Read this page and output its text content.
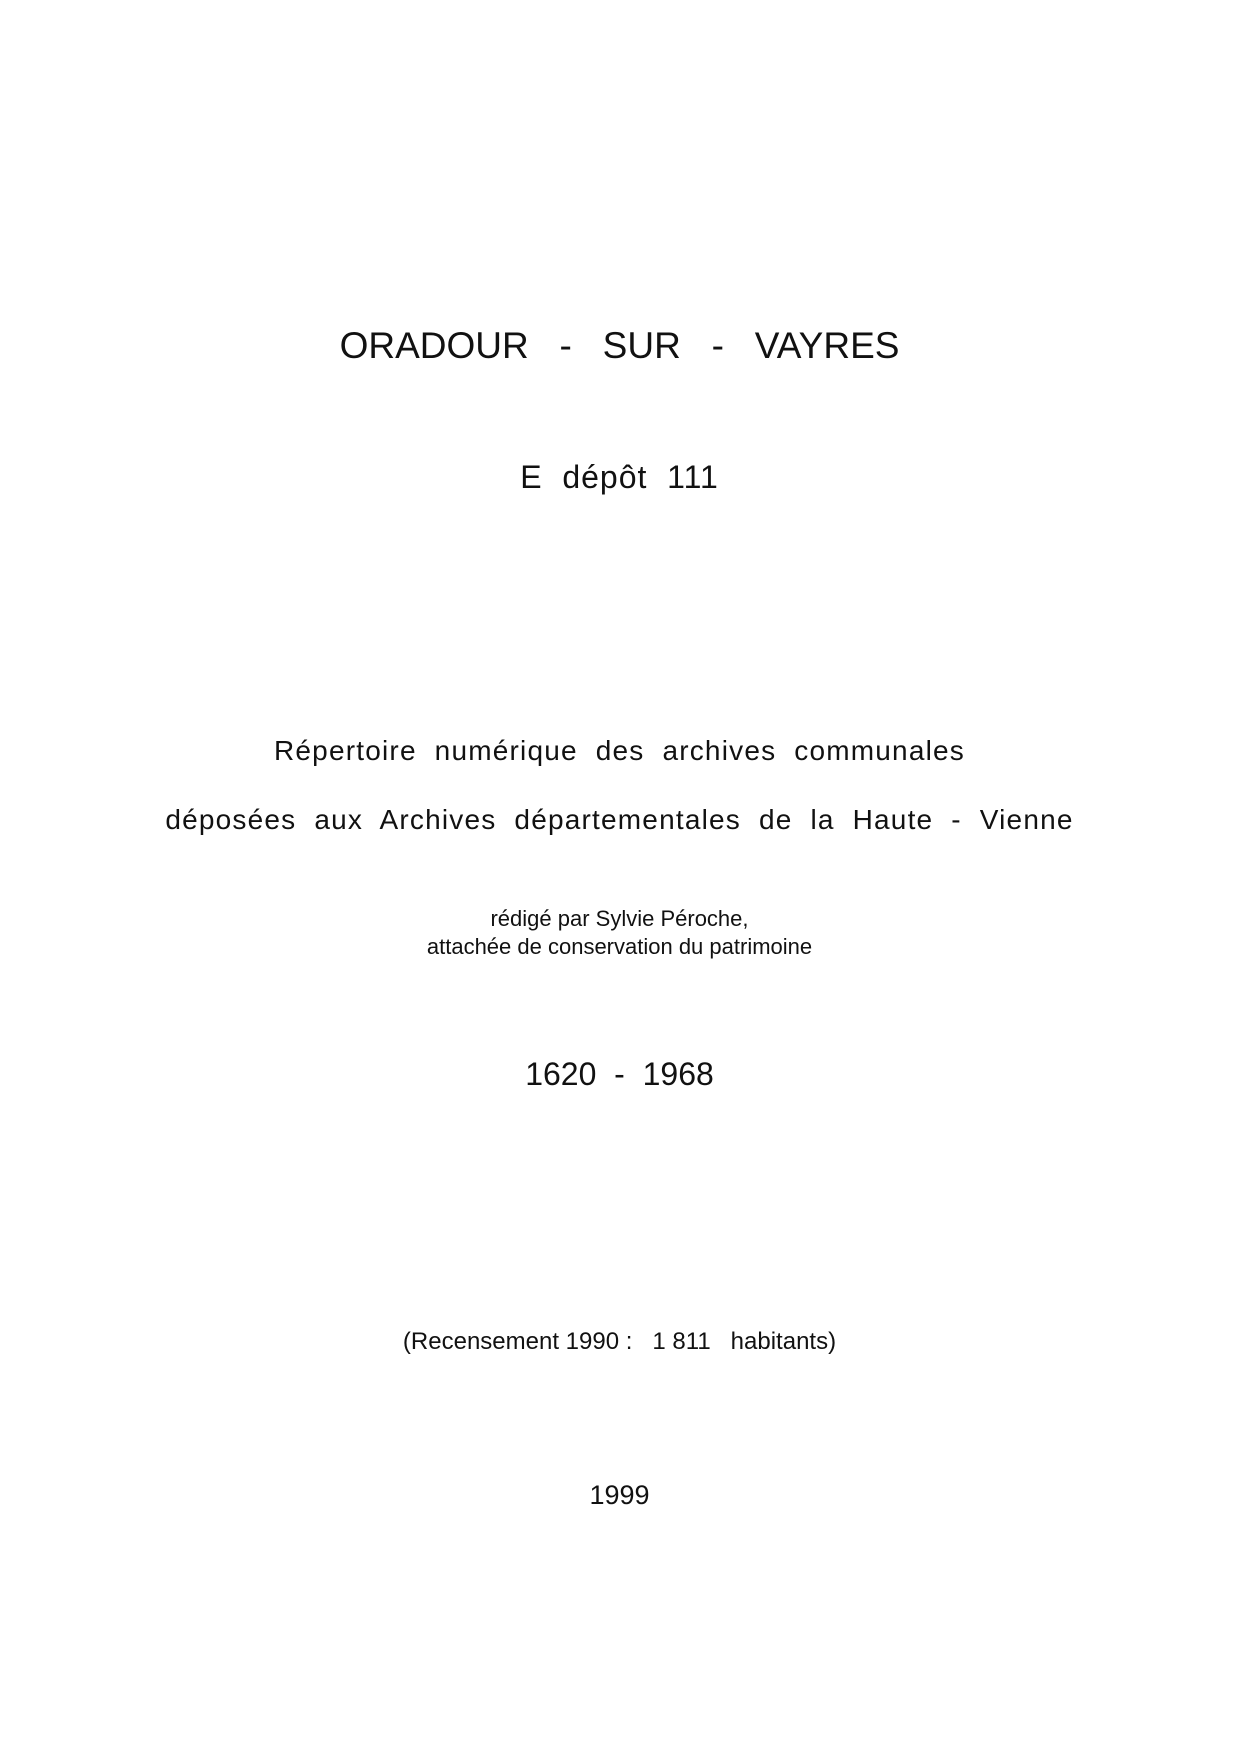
ORADOUR   -   SUR   -   VAYRES
E  dépôt  111
Répertoire  numérique  des  archives  communales
déposées  aux  Archives  départementales  de  la  Haute  -  Vienne
rédigé par Sylvie Péroche,
attachée de conservation du patrimoine
1620  -  1968
(Recensement 1990 :   1 811   habitants)
1999
